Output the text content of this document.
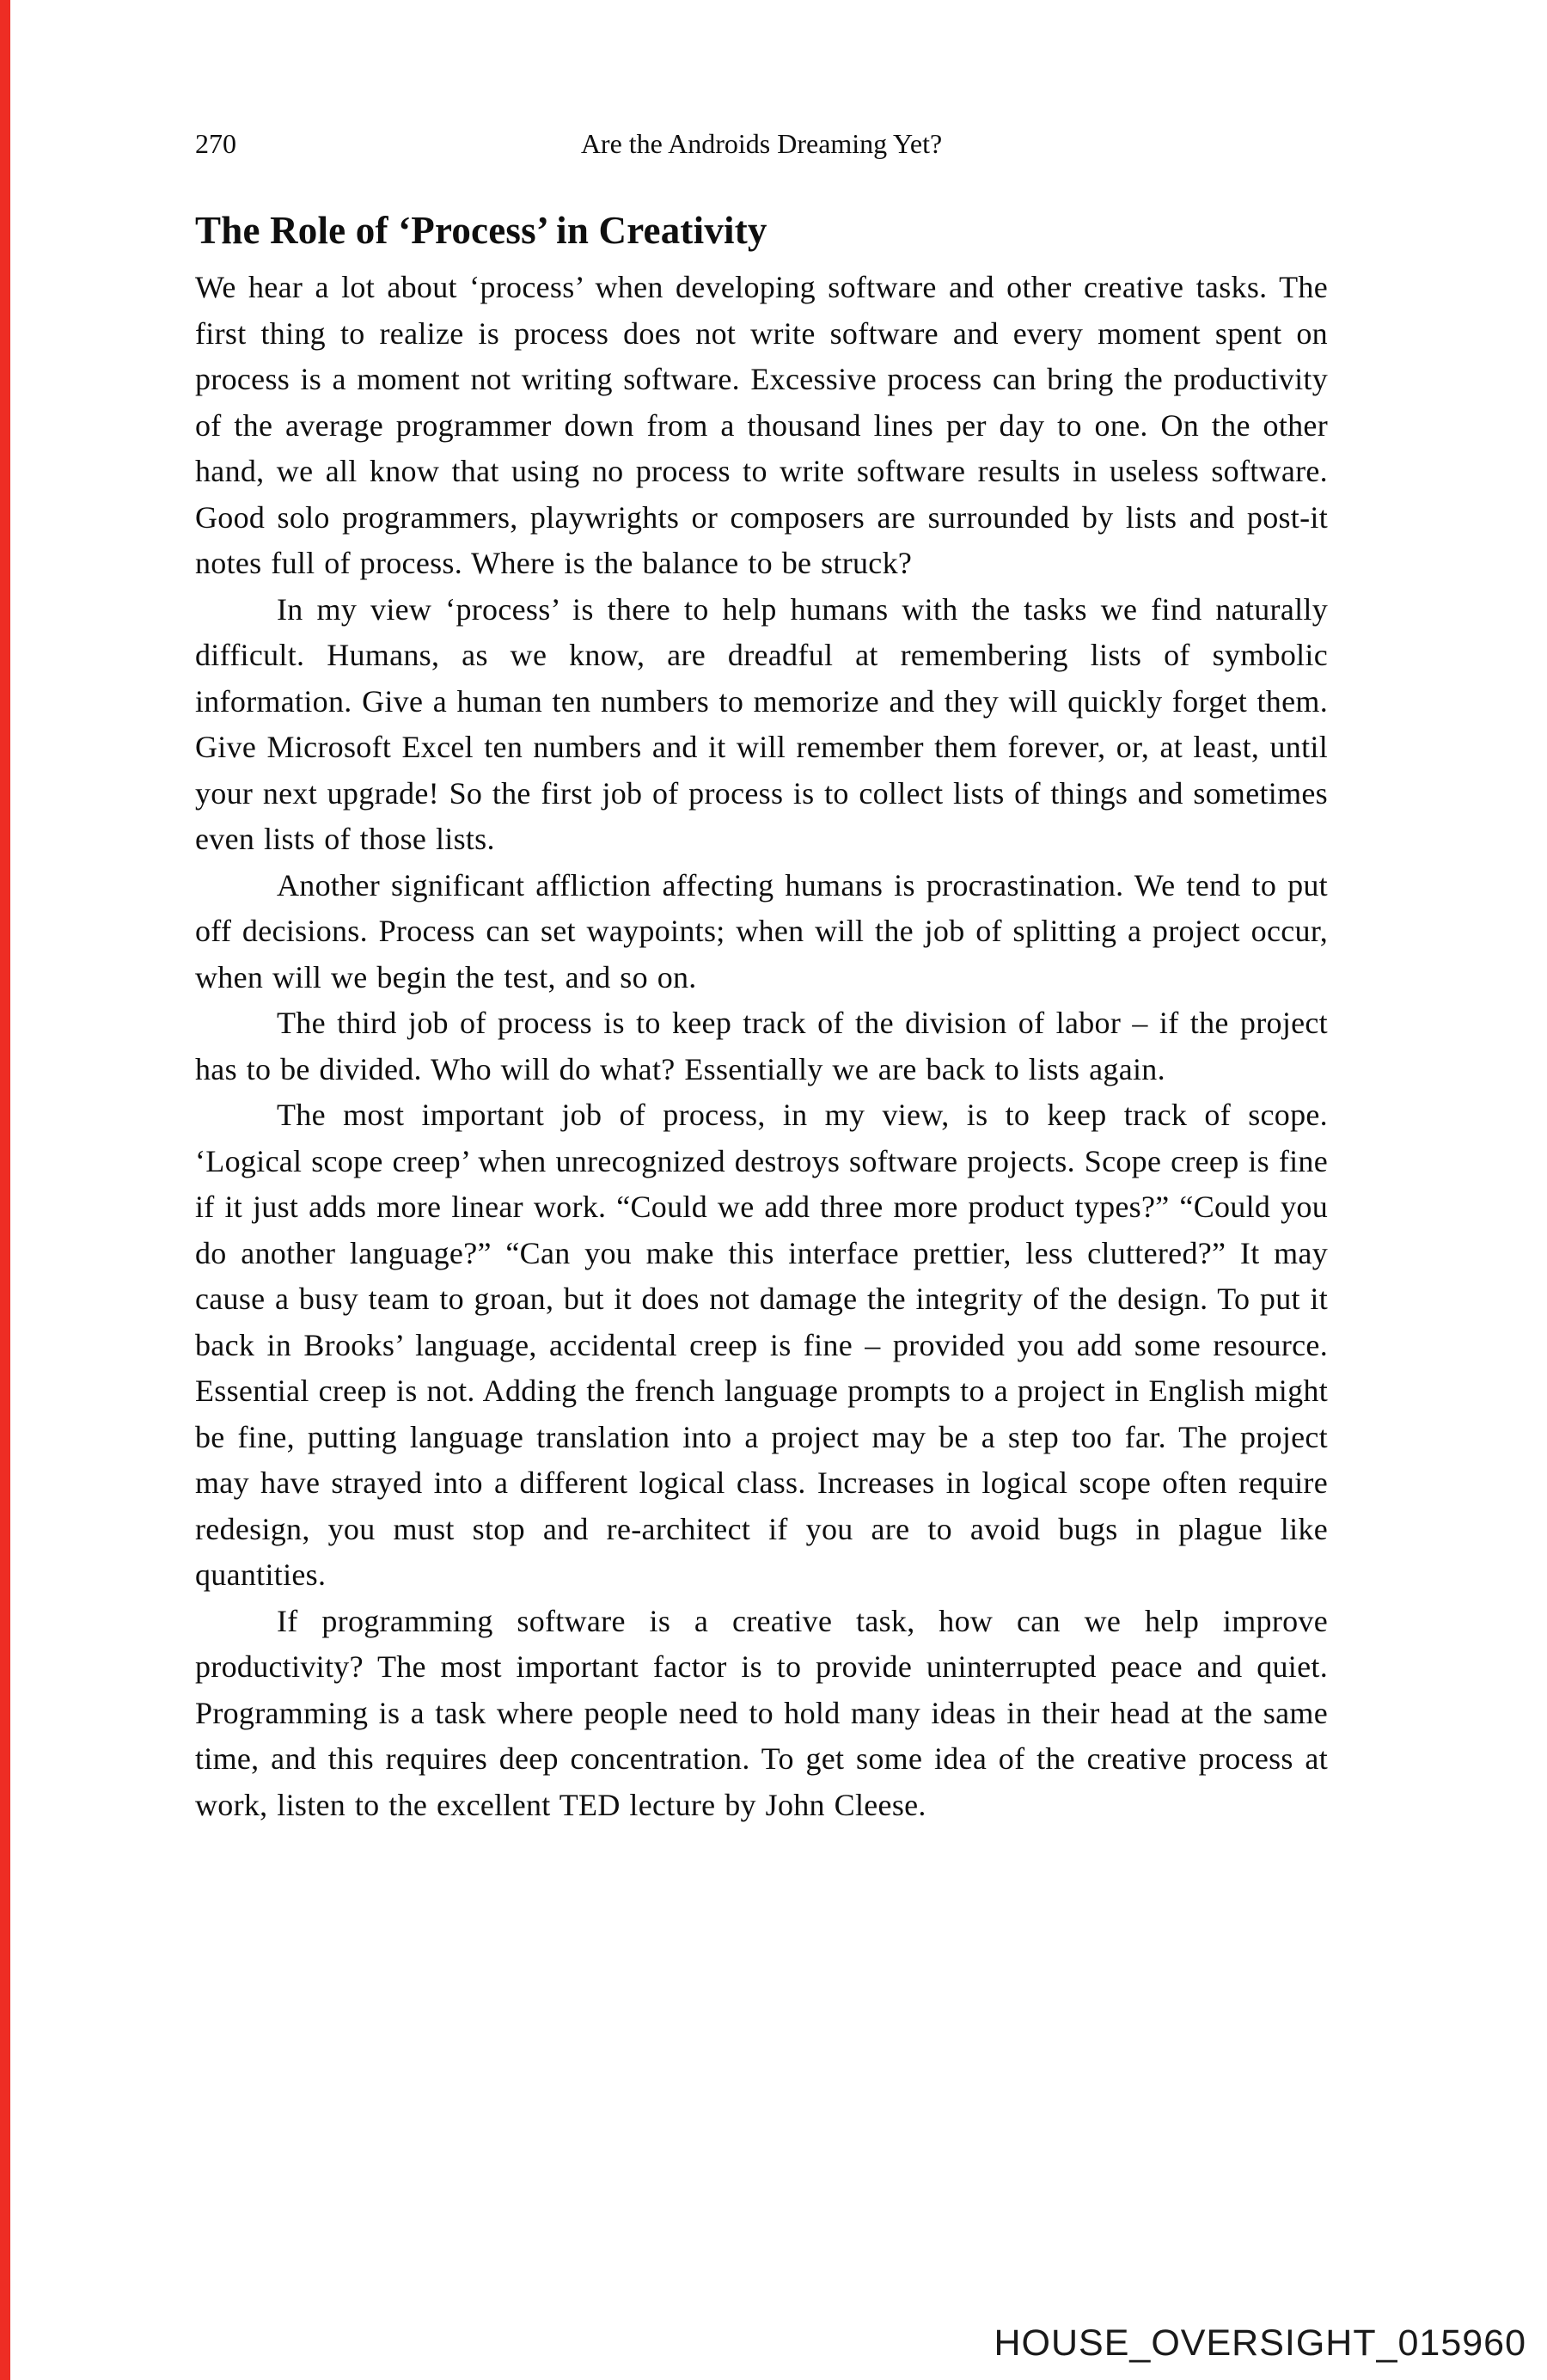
270	Are the Androids Dreaming Yet?
The Role of ‘Process’ in Creativity

We hear a lot about ‘process’ when developing software and other creative tasks. The first thing to realize is process does not write software and every moment spent on process is a moment not writing software. Excessive process can bring the productivity of the average programmer down from a thousand lines per day to one. On the other hand, we all know that using no process to write software results in useless software. Good solo programmers, playwrights or composers are surrounded by lists and post-it notes full of process. Where is the balance to be struck?

In my view ‘process’ is there to help humans with the tasks we find naturally difficult. Humans, as we know, are dreadful at remembering lists of symbolic information. Give a human ten numbers to memorize and they will quickly forget them. Give Microsoft Excel ten numbers and it will remember them forever, or, at least, until your next upgrade! So the first job of process is to collect lists of things and sometimes even lists of those lists.

Another significant affliction affecting humans is procrastination. We tend to put off decisions. Process can set waypoints; when will the job of splitting a project occur, when will we begin the test, and so on.

The third job of process is to keep track of the division of labor – if the project has to be divided. Who will do what? Essentially we are back to lists again.

The most important job of process, in my view, is to keep track of scope. ‘Logical scope creep’ when unrecognized destroys software projects. Scope creep is fine if it just adds more linear work. “Could we add three more product types?” “Could you do another language?” “Can you make this interface prettier, less cluttered?” It may cause a busy team to groan, but it does not damage the integrity of the design. To put it back in Brooks’ language, accidental creep is fine – provided you add some resource. Essential creep is not. Adding the french language prompts to a project in English might be fine, putting language translation into a project may be a step too far. The project may have strayed into a different logical class. Increases in logical scope often require redesign, you must stop and re-architect if you are to avoid bugs in plague like quantities.

If programming software is a creative task, how can we help improve productivity? The most important factor is to provide uninterrupted peace and quiet. Programming is a task where people need to hold many ideas in their head at the same time, and this requires deep concentration. To get some idea of the creative process at work, listen to the excellent TED lecture by John Cleese.

HOUSE_OVERSIGHT_015960
